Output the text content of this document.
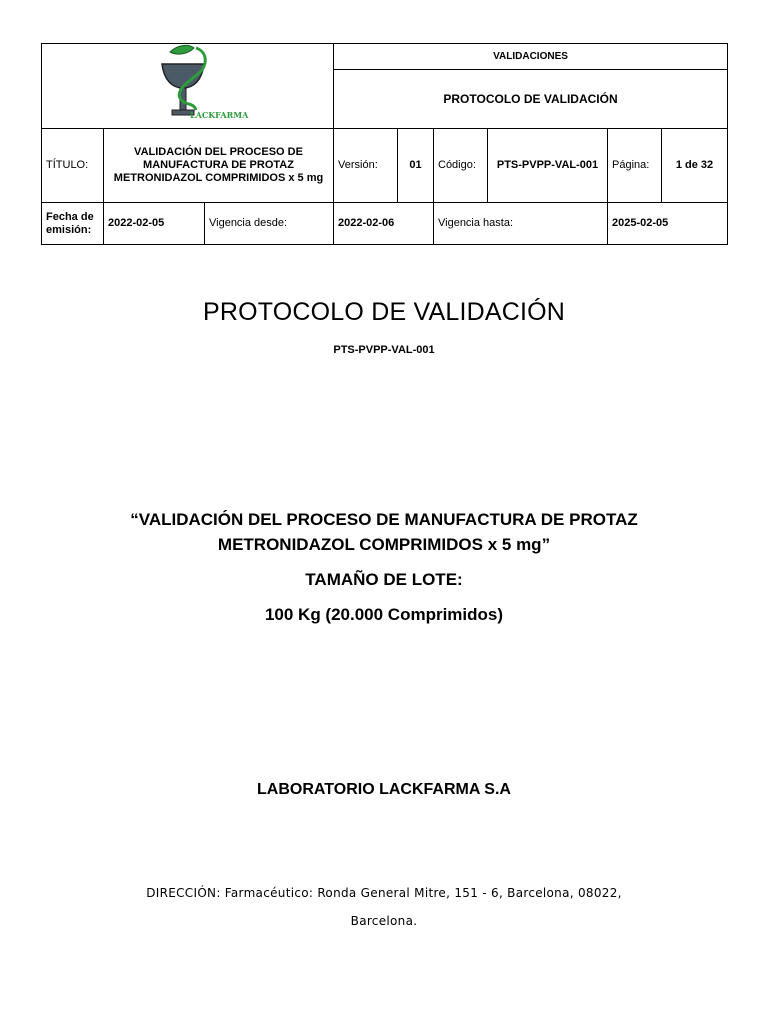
LACKFARMA			VALIDACIONES					
			PROTOCOLO DE VALIDACIÓN					
TÍTULO:	VALIDACIÓN DEL PROCESO DE MANUFACTURA DE PROTAZ METRONIDAZOL COMPRIMIDOS x 5 mg		Versión:	01	Código:	PTS-PVPP-VAL-001	Página:	1 de 32
Fecha de emisión:	2022-02-05	Vigencia desde:	2022-02-06		Vigencia hasta:		2025-02-05	
PROTOCOLO DE VALIDACIÓN
PTS-PVPP-VAL-001
“VALIDACIÓN DEL PROCESO DE MANUFACTURA DE PROTAZ
METRONIDAZOL COMPRIMIDOS x 5 mg”
TAMAÑO DE LOTE:
100 Kg (20.000 Comprimidos)
LABORATORIO LACKFARMA S.A
DIRECCIÓN: Farmacéutico: Ronda General Mitre, 151 - 6, Barcelona, 08022,
Barcelona.
